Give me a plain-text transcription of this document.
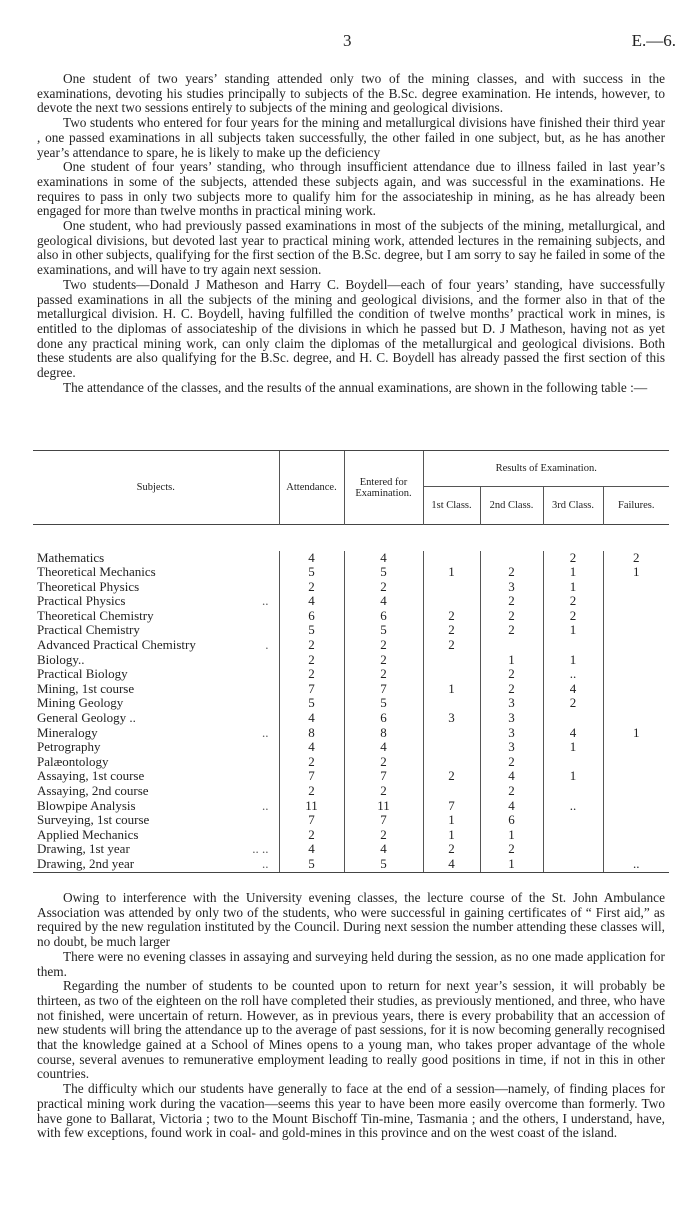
3	E.—6.

One student of two years’ standing attended only two of the mining classes, and with success in the examinations, devoting his studies principally to subjects of the B.Sc. degree examination. He intends, however, to devote the next two sessions entirely to subjects of the mining and geological divisions.

Two students who entered for four years for the mining and metallurgical divisions have finished their third year , one passed examinations in all subjects taken successfully, the other failed in one subject, but, as he has another year’s attendance to spare, he is likely to make up the deficiency

One student of four years’ standing, who through insufficient attendance due to illness failed in last year’s examinations in some of the subjects, attended these subjects again, and was successful in the examinations. He requires to pass in only two subjects more to qualify him for the associateship in mining, as he has already been engaged for more than twelve months in practical mining work.

One student, who had previously passed examinations in most of the subjects of the mining, metallurgical, and geological divisions, but devoted last year to practical mining work, attended lectures in the remaining subjects, and also in other subjects, qualifying for the first section of the B.Sc. degree, but I am sorry to say he failed in some of the examinations, and will have to try again next session.

Two students—Donald J Matheson and Harry C. Boydell—each of four years’ standing, have successfully passed examinations in all the subjects of the mining and geological divisions, and the former also in that of the metallurgical division. H. C. Boydell, having fulfilled the condition of twelve months’ practical work in mines, is entitled to the diplomas of associateship of the divisions in which he passed but D. J Matheson, having not as yet done any practical mining work, can only claim the diplomas of the metallurgical and geological divisions. Both these students are also qualifying for the B.Sc. degree, and H. C. Boydell has already passed the first section of this degree.

The attendance of the classes, and the results of the annual examinations, are shown in the following table :—

Subjects.	Attendance.	Entered for Examination.	Results of Examination.			
			1st Class.	2nd Class.	3rd Class.	Failures.

Mathematics	4	4			2	2
Theoretical Mechanics	5	5	1	2	1	1
Theoretical Physics	2	2		3	1	
Practical Physics ..	4	4		2	2	
Theoretical Chemistry	6	6	2	2	2	
Practical Chemistry	5	5	2	2	1	
Advanced Practical Chemistry .	2	2	2			
Biology..	2	2		1	1	
Practical Biology	2	2		2	..	
Mining, 1st course	7	7	1	2	4	
Mining Geology	5	5		3	2	
General Geology ..	4	6	3	3		
Mineralogy ..	8	8		3	4	1
Petrography	4	4		3	1	
Palæontology	2	2		2		
Assaying, 1st course	7	7	2	4	1	
Assaying, 2nd course	2	2		2		
Blowpipe Analysis ..	11	11	7	4	..	
Surveying, 1st course	7	7	1	6		
Applied Mechanics	2	2	1	1		
Drawing, 1st year .. ..	4	4	2	2		
Drawing, 2nd year ..	5	5	4	1		..

Owing to interference with the University evening classes, the lecture course of the St. John Ambulance Association was attended by only two of the students, who were successful in gaining certificates of “ First aid,” as required by the new regulation instituted by the Council. During next session the number attending these classes will, no doubt, be much larger

There were no evening classes in assaying and surveying held during the session, as no one made application for them.

Regarding the number of students to be counted upon to return for next year’s session, it will probably be thirteen, as two of the eighteen on the roll have completed their studies, as previously mentioned, and three, who have not finished, were uncertain of return. However, as in previous years, there is every probability that an accession of new students will bring the attendance up to the average of past sessions, for it is now becoming generally recognised that the knowledge gained at a School of Mines opens to a young man, who takes proper advantage of the whole course, several avenues to remunerative employment leading to really good positions in time, if not in this in other countries.

The difficulty which our students have generally to face at the end of a session—namely, of finding places for practical mining work during the vacation—seems this year to have been more easily overcome than formerly. Two have gone to Ballarat, Victoria ; two to the Mount Bischoff Tin-mine, Tasmania ; and the others, I understand, have, with few exceptions, found work in coal- and gold-mines in this province and on the west coast of the island.
